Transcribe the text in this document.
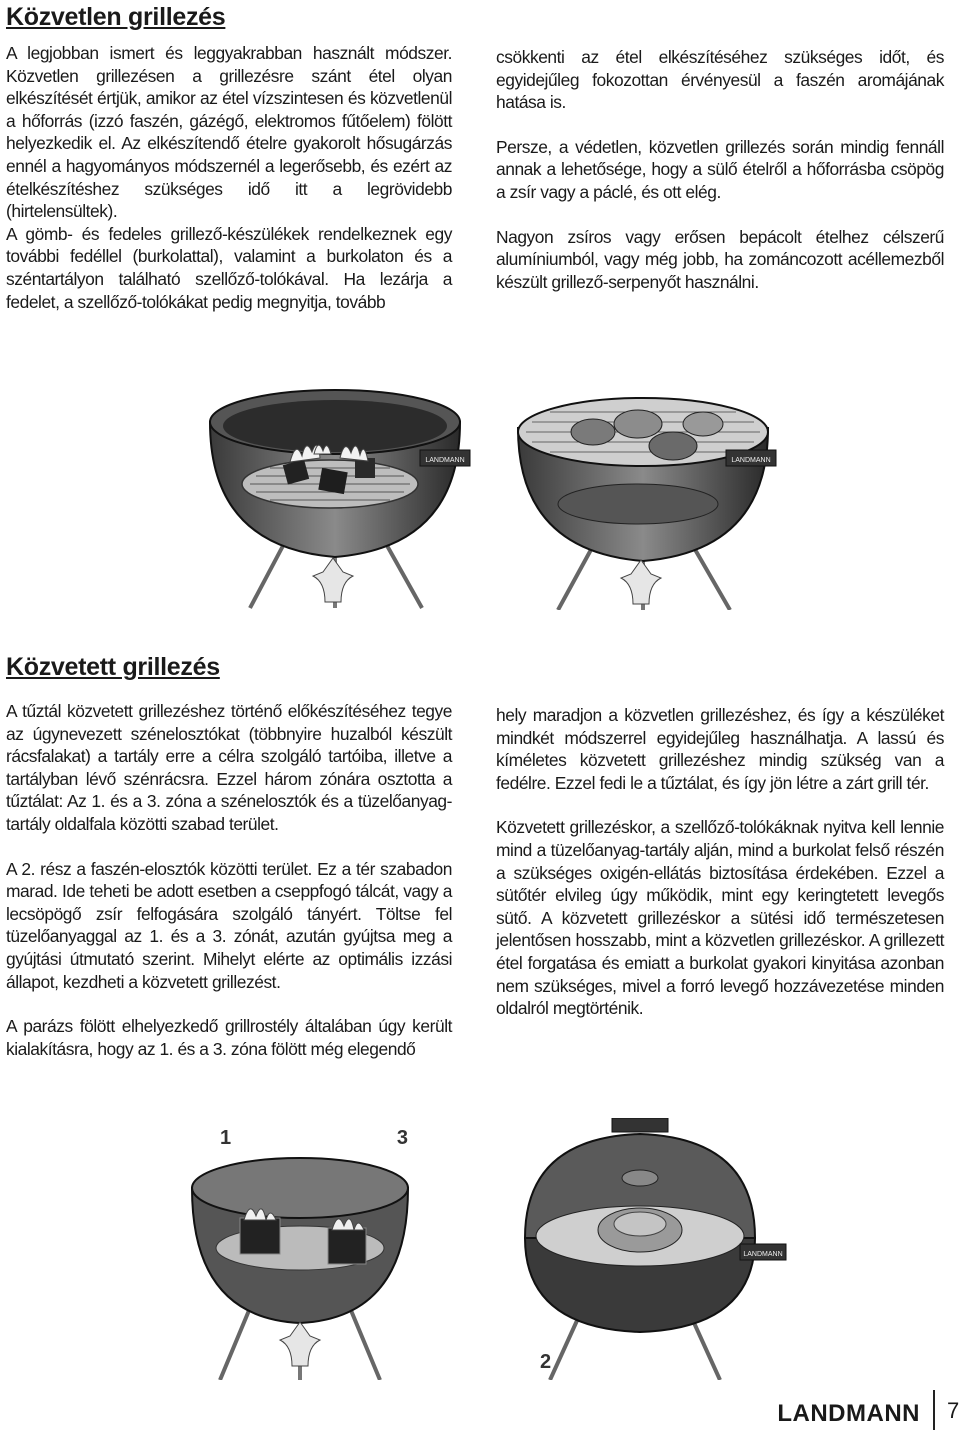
Közvetlen grillezés

A legjobban ismert és leggyakrabban használt módszer. Közvetlen grillezésen a grillezésre szánt étel olyan elkészítését értjük, amikor az étel vízszintesen és közvetlenül a hőforrás (izzó faszén, gázégő, elektromos fűtőelem) fölött helyezkedik el. Az elkészítendő ételre gyakorolt hősugárzás ennél a hagyományos módszernél a legerősebb, és ezért az ételkészítéshez szükséges idő itt a legrövidebb (hirtelensültek).

A gömb- és fedeles grillező-készülékek rendelkeznek egy további fedéllel (burkolattal), valamint a burkolaton és a széntartályon található szellőző-tolókával. Ha lezárja a fedelet, a szellőző-tolókákat pedig megnyitja, tovább

csökkenti az étel elkészítéséhez szükséges időt, és egyidejűleg fokozottan érvényesül a faszén aromájának hatása is.

Persze, a védetlen, közvetlen grillezés során mindig fennáll annak a lehetősége, hogy a sülő ételről a hőforrásba csöpög a zsír vagy a páclé, és ott elég.

Nagyon zsíros vagy erősen bepácolt ételhez célszerű alumíniumból, vagy még jobb, ha zománcozott acéllemezből készült grillező-serpenyőt használni.

LANDMANN	LANDMANN
Közvetett grillezés

A tűztál közvetett grillezéshez történő előkészítéséhez tegye az úgynevezett szénelosztókat (többnyire huzalból készült rácsfalakat) a tartály erre a célra szolgáló tartóiba, illetve a tartályban lévő szénrácsra. Ezzel három zónára osztotta a tűztálat: Az 1. és a 3. zóna a szénelosztók és a tüzelőanyag-tartály oldalfala közötti szabad terület.

A 2. rész a faszén-elosztók közötti terület. Ez a tér szabadon marad. Ide teheti be adott esetben a cseppfogó tálcát, vagy a lecsöpögő zsír felfogására szolgáló tányért. Töltse fel tüzelőanyaggal az 1. és a 3. zónát, azután gyújtsa meg a gyújtási útmutató szerint. Mihelyt elérte az optimális izzási állapot, kezdheti a közvetett grillezést.

A parázs fölött elhelyezkedő grillrostély általában úgy került kialakításra, hogy az 1. és a 3. zóna fölött még elegendő

hely maradjon a közvetlen grillezéshez, és így a készüléket mindkét módszerrel egyidejűleg használhatja. A lassú és kíméletes közvetett grillezéshez mindig szükség van a fedélre. Ezzel fedi le a tűztálat, és így jön létre a zárt grill tér.

Közvetett grillezéskor, a szellőző-tolókáknak nyitva kell lennie mind a tüzelőanyag-tartály alján, mind a burkolat felső részén a szükséges oxigén-ellátás biztosítása érdekében. Ezzel a sütőtér elvileg úgy működik, mint egy keringtetett levegős sütő. A közvetett grillezéskor a sütési idő természetesen jelentősen hosszabb, mint a közvetlen grillezéskor. A grillezett étel forgatása és emiatt a burkolat gyakori kinyitása azonban nem szükséges, mivel a forró levegő hozzávezetése minden oldalról megtörténik.

1	3
LANDMANN
2
LANDMANN 7
